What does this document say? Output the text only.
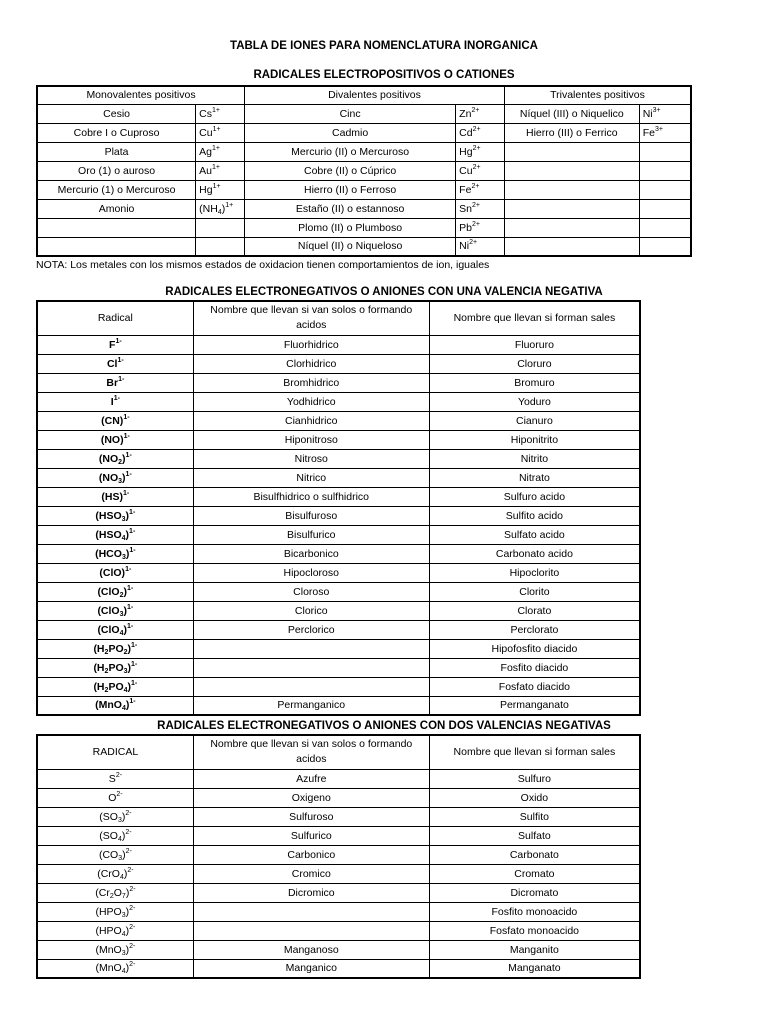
TABLA DE IONES PARA NOMENCLATURA INORGANICA
RADICALES ELECTROPOSITIVOS O CATIONES
Monovalentes positivos		Divalentes positivos		Trivalentes positivos	
Cesio	$Cs^{1+}$	Cinc	$Zn^{2+}$	Níquel (III) o Niquelico	$Ni^{3+}$
Cobre I o Cuproso	$Cu^{1+}$	Cadmio	$Cd^{2+}$	Hierro (III) o Ferrico	$Fe^{3+}$
Plata	$Ag^{1+}$	Mercurio (II) o Mercuroso	$Hg^{2+}$		
Oro (1) o auroso	$Au^{1+}$	Cobre (II) o Cúprico	$Cu^{2+}$		
Mercurio (1) o Mercuroso	$Hg^{1+}$	Hierro (II) o Ferroso	$Fe^{2+}$		
Amonio	$(NH_4)^{1+}$	Estaño (II) o estannoso	$Sn^{2+}$		
		Plomo (II) o Plumboso	$Pb^{2+}$		
		Níquel (II) o Niqueloso	$Ni^{2+}$		
NOTA: Los metales con los mismos estados de oxidacion tienen comportamientos de ion, iguales
RADICALES ELECTRONEGATIVOS O ANIONES CON UNA VALENCIA NEGATIVA
Radical	Nombre que llevan si van solos o formando acidos	Nombre que llevan si forman sales
$F^{1-}$	Fluorhidrico	Fluoruro
$Cl^{1-}$	Clorhidrico	Cloruro
$Br^{1-}$	Bromhidrico	Bromuro
$I^{1-}$	Yodhidrico	Yoduro
(CN)$^{1-}$	Cianhidrico	Cianuro
(NO)$^{1-}$	Hiponitroso	Hiponitrito
$(NO_2)^{1-}$	Nitroso	Nitrito
$(NO_3)^{1-}$	Nitrico	Nitrato
(HS)$^{1-}$	Bisulfhidrico o sulfhidrico	Sulfuro acido
$(HSO_3)^{1-}$	Bisulfuroso	Sulfito acido
$(HSO_4)^{1-}$	Bisulfurico	Sulfato acido
$(HCO_3)^{1-}$	Bicarbonico	Carbonato acido
(ClO)$^{1-}$	Hipocloroso	Hipoclorito
$(ClO_2)^{1-}$	Cloroso	Clorito
$(ClO_3)^{1-}$	Clorico	Clorato
$(ClO_4)^{1-}$	Perclorico	Perclorato
$(H_2PO_2)^{1-}$		Hipofosfito diacido
$(H_2PO_3)^{1-}$		Fosfito diacido
$(H_2PO_4)^{1-}$		Fosfato diacido
$(MnO_4)^{1-}$	Permanganico	Permanganato
RADICALES ELECTRONEGATIVOS O ANIONES CON DOS VALENCIAS NEGATIVAS
RADICAL	Nombre que llevan si van solos o formando acidos	Nombre que llevan si forman sales
$S^{2-}$	Azufre	Sulfuro
$O^{2-}$	Oxigeno	Oxido
$(SO_3)^{2-}$	Sulfuroso	Sulfito
$(SO_4)^{2-}$	Sulfurico	Sulfato
$(CO_3)^{2-}$	Carbonico	Carbonato
$(CrO_4)^{2-}$	Cromico	Cromato
$(Cr_2O_7)^{2-}$	Dicromico	Dicromato
$(HPO_3)^{2-}$		Fosfito monoacido
$(HPO_4)^{2-}$		Fosfato monoacido
$(MnO_3)^{2-}$	Manganoso	Manganito
$(MnO_4)^{2-}$	Manganico	Manganato
